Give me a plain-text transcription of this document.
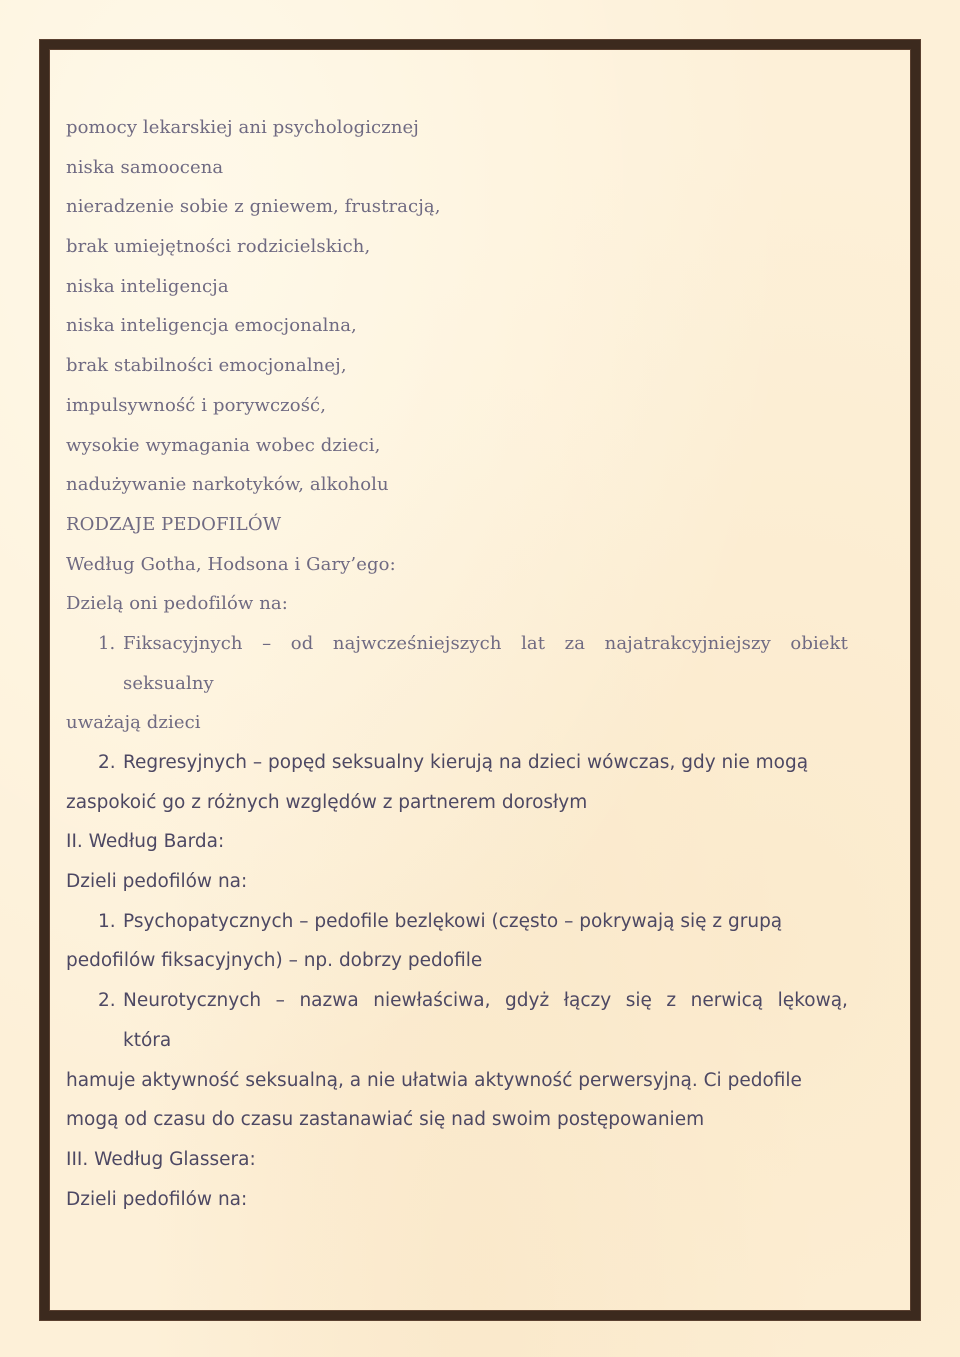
pomocy lekarskiej ani psychologicznej
niska samoocena
nieradzenie sobie z gniewem, frustracją,
brak umiejętności rodzicielskich,
niska inteligencja
niska inteligencja emocjonalna,
brak stabilności emocjonalnej,
impulsywność i porywczość,
wysokie wymagania wobec dzieci,
nadużywanie narkotyków, alkoholu
RODZAJE PEDOFILÓW
Według Gotha, Hodsona i Gary’ego:
Dzielą oni pedofilów na:
1. Fiksacyjnych – od najwcześniejszych lat za najatrakcyjniejszy obiekt
seksualny
uważają dzieci
2. Regresyjnych – popęd seksualny kierują na dzieci wówczas, gdy nie mogą
zaspokoić go z różnych względów z partnerem dorosłym
II. Według Barda:
Dzieli pedofilów na:
1. Psychopatycznych – pedofile bezlękowi (często – pokrywają się z grupą
pedofilów fiksacyjnych) – np. dobrzy pedofile
2. Neurotycznych – nazwa niewłaściwa, gdyż łączy się z nerwicą lękową,
która
hamuje aktywność seksualną, a nie ułatwia aktywność perwersyjną. Ci pedofile
mogą od czasu do czasu zastanawiać się nad swoim postępowaniem
III. Według Glassera:
Dzieli pedofilów na:
